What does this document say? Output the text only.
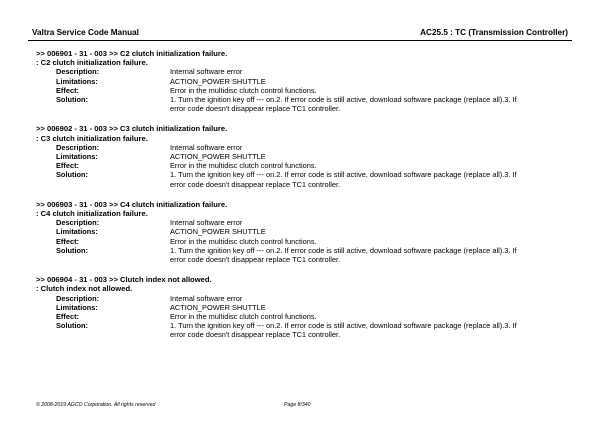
Valtra Service Code Manual	AC25.5 : TC (Transmission Controller)
>> 006901 - 31 - 003 >> C2 clutch initialization failure.
: C2 clutch initialization failure.
Description:	Internal software error
Limitations:	ACTION_POWER SHUTTLE
Effect:	Error in the multidisc clutch control functions.
Solution:	1. Turn the ignition key off --- on.2. If error code is still active, download software package (replace all).3. If
error code doesn't disappear replace TC1 controller.
>> 006902 - 31 - 003 >> C3 clutch initialization failure.
: C3 clutch initialization failure.
Description:	Internal software error
Limitations:	ACTION_POWER SHUTTLE
Effect:	Error in the multidisc clutch control functions.
Solution:	1. Turn the ignition key off --- on.2. If error code is still active, download software package (replace all).3. If
error code doesn't disappear replace TC1 controller.
>> 006903 - 31 - 003 >> C4 clutch initialization failure.
: C4 clutch initialization failure.
Description:	Internal software error
Limitations:	ACTION_POWER SHUTTLE
Effect:	Error in the multidisc clutch control functions.
Solution:	1. Turn the ignition key off --- on.2. If error code is still active, download software package (replace all).3. If
error code doesn't disappear replace TC1 controller.
>> 006904 - 31 - 003 >> Clutch index not allowed.
: Clutch index not allowed.
Description:	Internal software error
Limitations:	ACTION_POWER SHUTTLE
Effect:	Error in the multidisc clutch control functions.
Solution:	1. Turn the ignition key off --- on.2. If error code is still active, download software package (replace all).3. If
error code doesn't disappear replace TC1 controller.
© 2008-2019 AGCO Corporation. All rights reserved	Page 8/340
